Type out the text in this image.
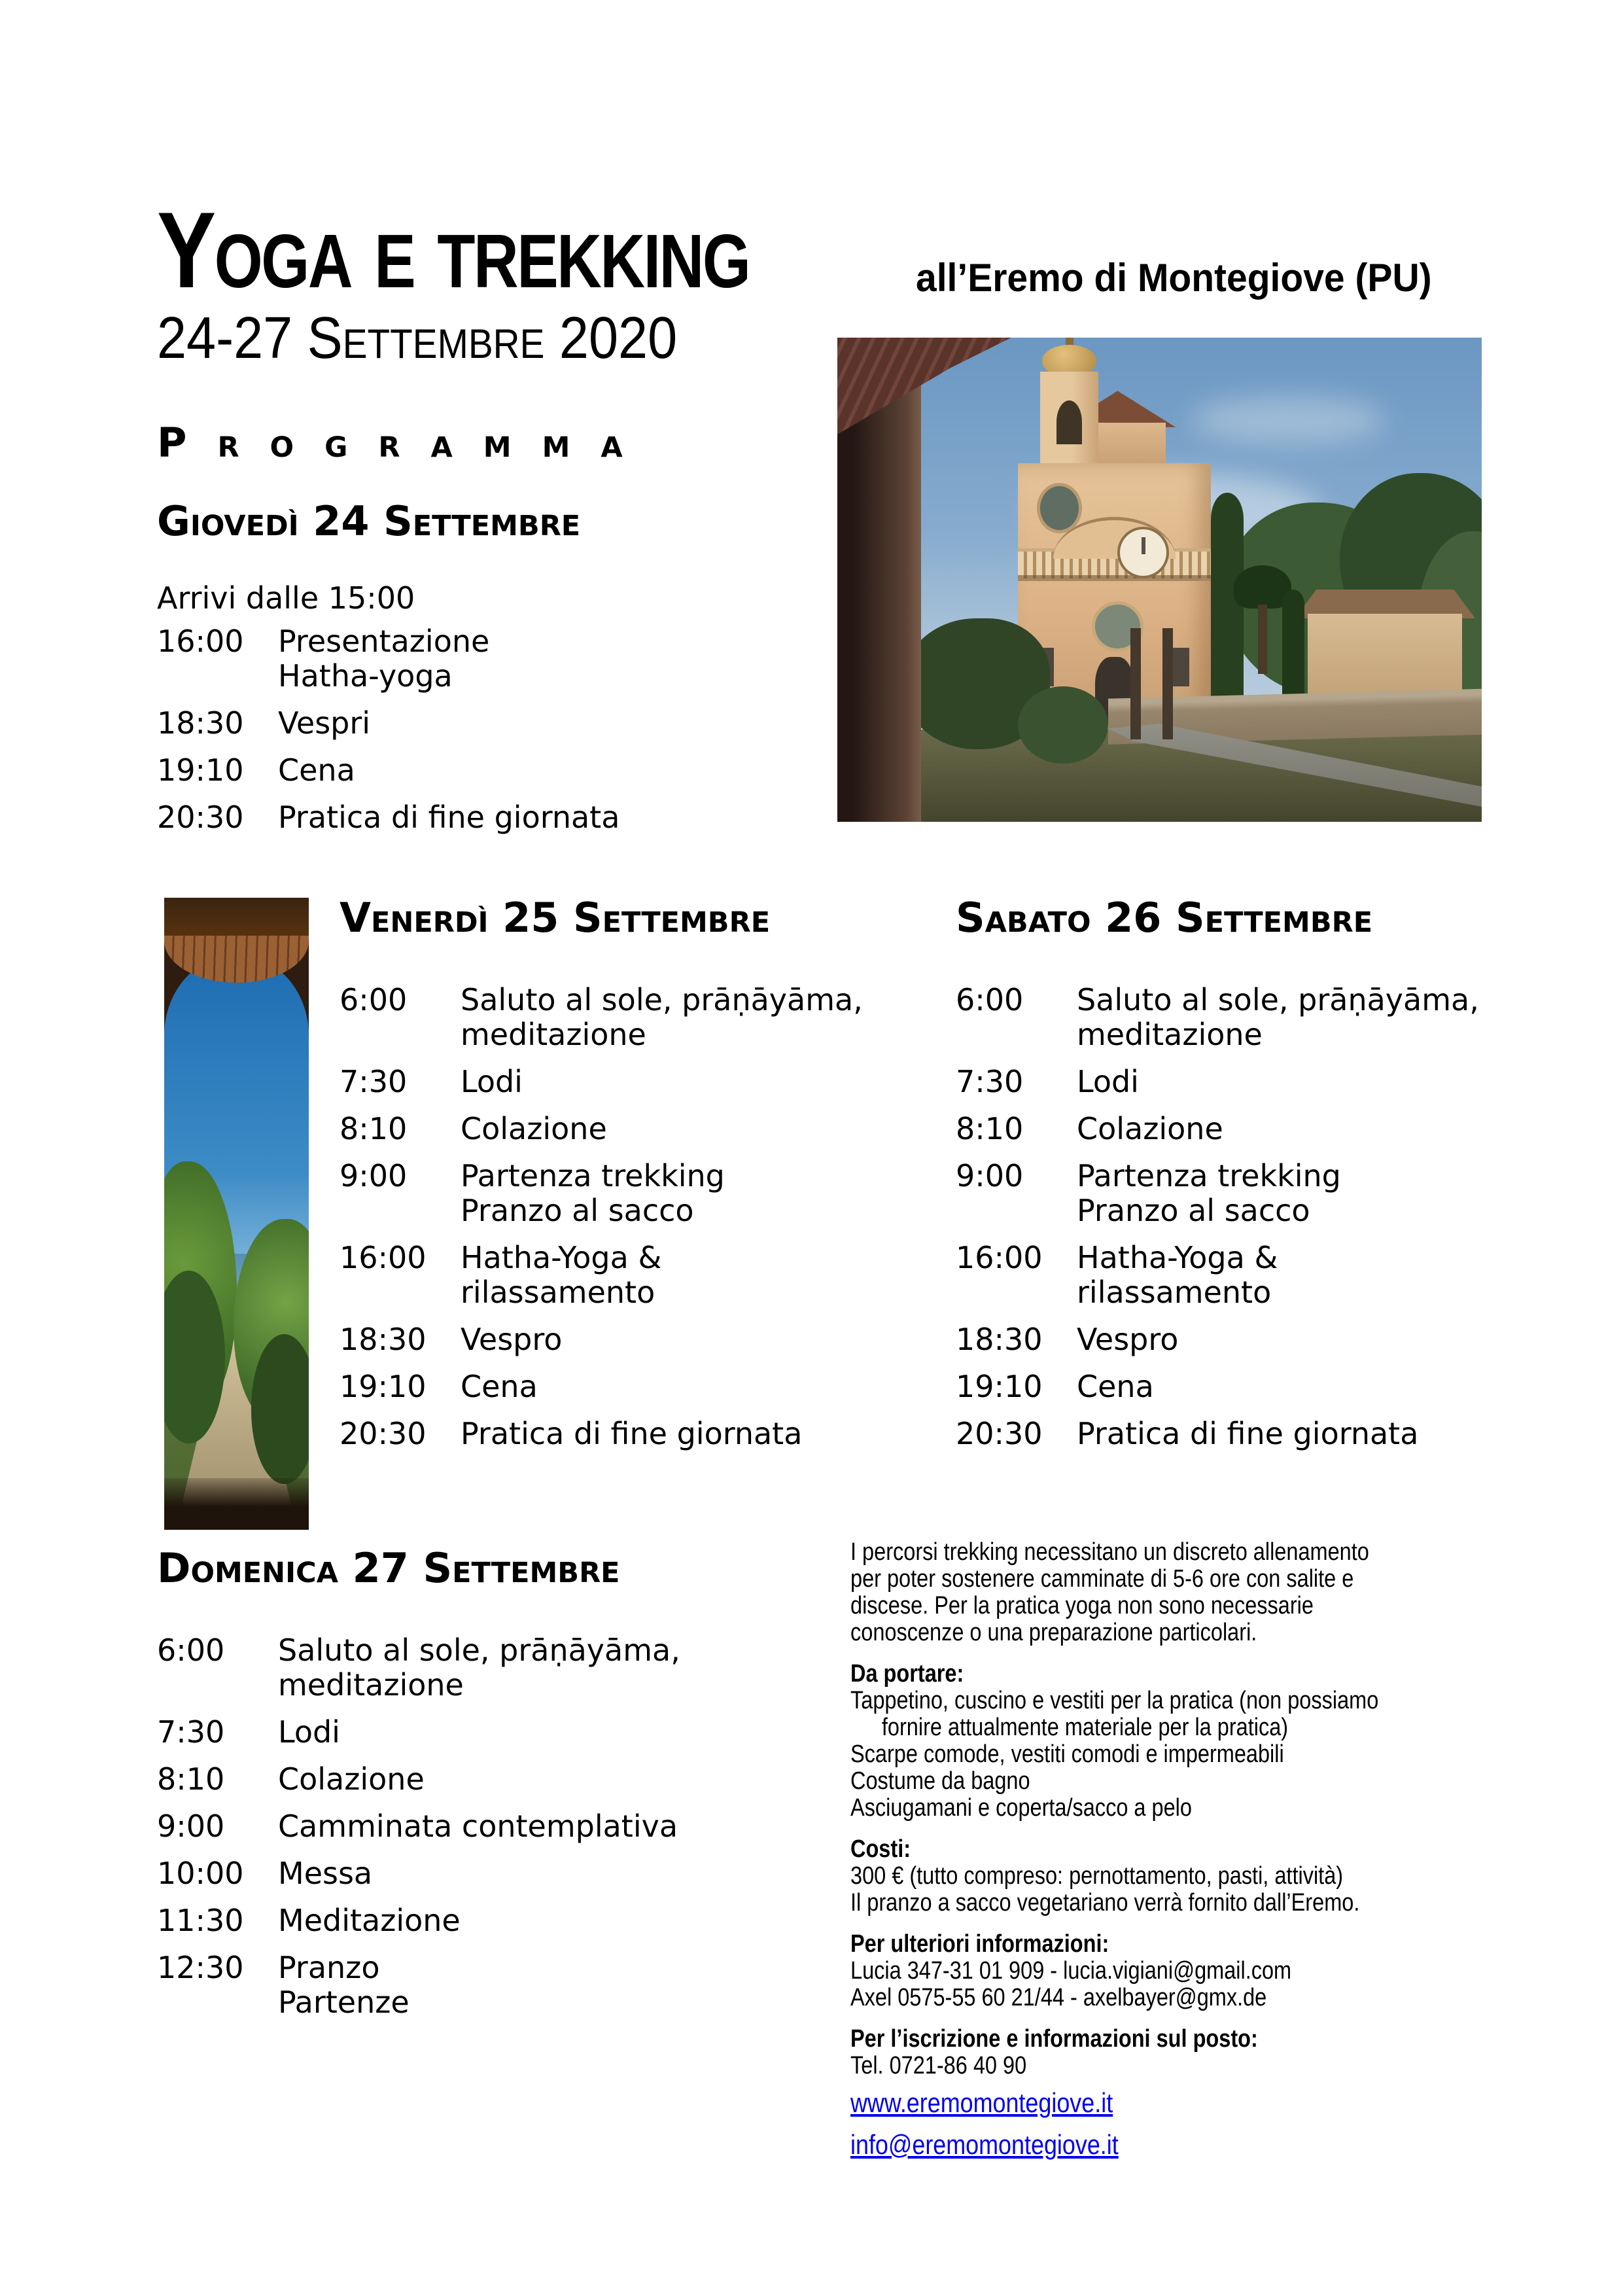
Yoga e trekking	all’Eremo di Montegiove (PU)
24-27 Settembre 2020
Programma
Giovedì 24 Settembre
Arrivi dalle 15:00
16:00	Presentazione
Hatha-yoga
18:30	Vespri
19:10	Cena
20:30	Pratica di fine giornata
Venerdì 25 Settembre
6:00	Saluto al sole, prāṇāyāma,
meditazione
7:30	Lodi
8:10	Colazione
9:00	Partenza trekking
Pranzo al sacco
16:00	Hatha-Yoga &
rilassamento
18:30	Vespro
19:10	Cena
20:30	Pratica di fine giornata
Sabato 26 Settembre
6:00	Saluto al sole, prāṇāyāma,
meditazione
7:30	Lodi
8:10	Colazione
9:00	Partenza trekking
Pranzo al sacco
16:00	Hatha-Yoga &
rilassamento
18:30	Vespro
19:10	Cena
20:30	Pratica di fine giornata
Domenica 27 Settembre
6:00	Saluto al sole, prāṇāyāma,
meditazione
7:30	Lodi
8:10	Colazione
9:00	Camminata contemplativa
10:00	Messa
11:30	Meditazione
12:30	Pranzo
Partenze
I percorsi trekking necessitano un discreto allenamento
per poter sostenere camminate di 5-6 ore con salite e
discese. Per la pratica yoga non sono necessarie
conoscenze o una preparazione particolari.
Da portare:
Tappetino, cuscino e vestiti per la pratica (non possiamo
fornire attualmente materiale per la pratica)
Scarpe comode, vestiti comodi e impermeabili
Costume da bagno
Asciugamani e coperta/sacco a pelo
Costi:
300 € (tutto compreso: pernottamento, pasti, attività)
Il pranzo a sacco vegetariano verrà fornito dall’Eremo.
Per ulteriori informazioni:
Lucia 347-31 01 909 - lucia.vigiani@gmail.com
Axel 0575-55 60 21/44 - axelbayer@gmx.de
Per l’iscrizione e informazioni sul posto:
Tel. 0721-86 40 90
www.eremomontegiove.it
info@eremomontegiove.it
